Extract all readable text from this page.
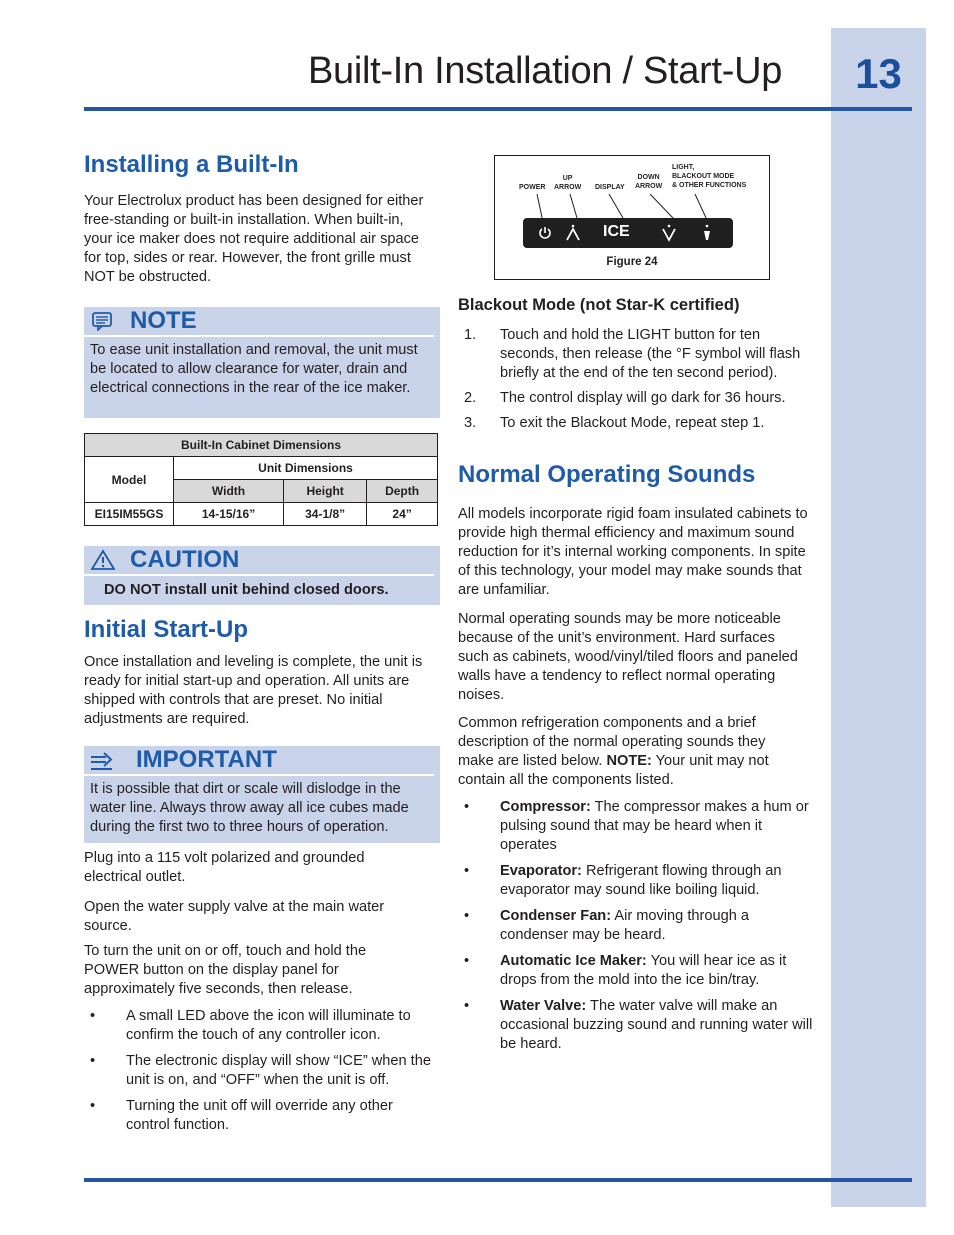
13
Built-In Installation / Start-Up
Installing a Built-In

Your Electrolux product has been designed for either free-standing or built-in installation. When built-in, your ice maker does not require additional air space for top, sides or rear. However, the front grille must NOT be obstructed.

NOTE
To ease unit installation and removal, the unit must be located to allow clearance for water, drain and electrical connections in the rear of the ice maker.
Built-In Cabinet Dimensions			
Model	Unit Dimensions		
	Width	Height	Depth
EI15IM55GS	14-15/16”	34-1/8”	24”
CAUTION
DO NOT install unit behind closed doors.
Initial Start-Up

Once installation and leveling is complete, the unit is ready for initial start-up and operation. All units are shipped with controls that are preset. No initial adjustments are required.

IMPORTANT
It is possible that dirt or scale will dislodge in the water line. Always throw away all ice cubes made during the first two to three hours of operation.

Plug into a 115 volt polarized and grounded electrical outlet.

Open the water supply valve at the main water source.

To turn the unit on or off, touch and hold the POWER button on the display panel for approximately five seconds, then release.

• A small LED above the icon will illuminate to confirm the touch of any controller icon.
• The electronic display will show “ICE” when the unit is on, and “OFF” when the unit is off.
• Turning the unit off will override any other control function.
POWER
UP
ARROW DISPLAY
DOWN
ARROW
LIGHT,
BLACKOUT MODE
& OTHER FUNCTIONS
ICE
Figure 24
Blackout Mode (not Star-K certified)
1. Touch and hold the LIGHT button for ten seconds, then release (the °F symbol will flash briefly at the end of the ten second period).
2. The control display will go dark for 36 hours.
3. To exit the Blackout Mode, repeat step 1.
Normal Operating Sounds

All models incorporate rigid foam insulated cabinets to provide high thermal efficiency and maximum sound reduction for it’s internal working components. In spite of this technology, your model may make sounds that are unfamiliar.

Normal operating sounds may be more noticeable because of the unit’s environment. Hard surfaces such as cabinets, wood/vinyl/tiled floors and paneled walls have a tendency to reflect normal operating noises.

Common refrigeration components and a brief description of the normal operating sounds they make are listed below. NOTE: Your unit may not contain all the components listed.

• Compressor: The compressor makes a hum or pulsing sound that may be heard when it operates
• Evaporator: Refrigerant flowing through an evaporator may sound like boiling liquid.
• Condenser Fan: Air moving through a condenser may be heard.
• Automatic Ice Maker: You will hear ice as it drops from the mold into the ice bin/tray.
• Water Valve: The water valve will make an occasional buzzing sound and running water will be heard.
